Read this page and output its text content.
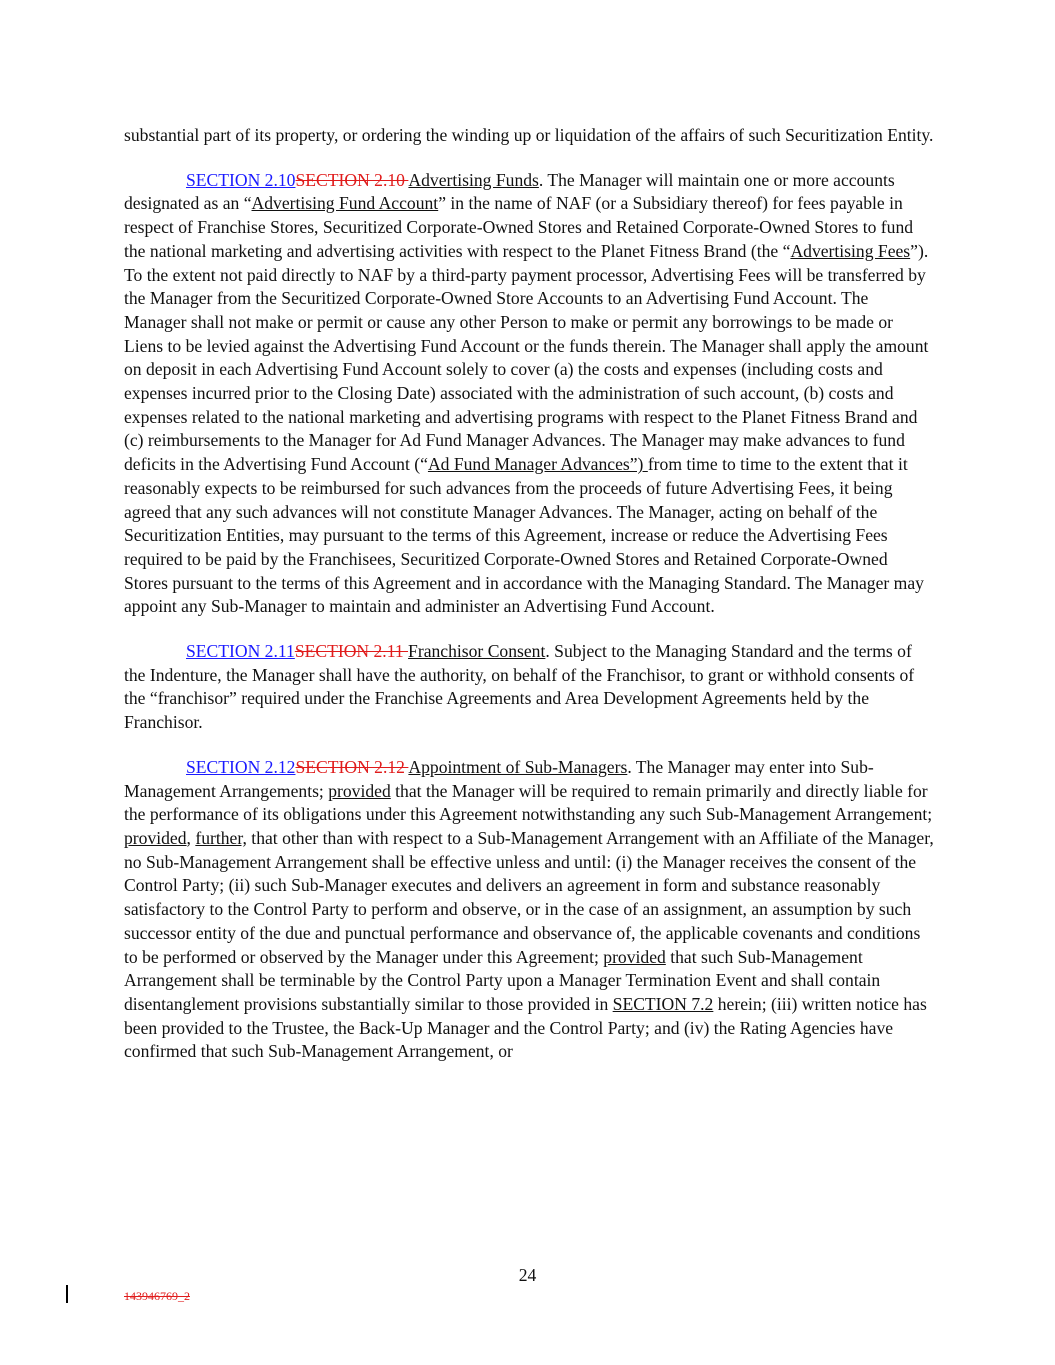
substantial part of its property, or ordering the winding up or liquidation of the affairs of such Securitization Entity.

SECTION 2.10SECTION 2.10 Advertising Funds. The Manager will maintain one or more accounts designated as an “Advertising Fund Account” in the name of NAF (or a Subsidiary thereof) for fees payable in respect of Franchise Stores, Securitized Corporate-Owned Stores and Retained Corporate-Owned Stores to fund the national marketing and advertising activities with respect to the Planet Fitness Brand (the “Advertising Fees”). To the extent not paid directly to NAF by a third-party payment processor, Advertising Fees will be transferred by the Manager from the Securitized Corporate-Owned Store Accounts to an Advertising Fund Account. The Manager shall not make or permit or cause any other Person to make or permit any borrowings to be made or Liens to be levied against the Advertising Fund Account or the funds therein. The Manager shall apply the amount on deposit in each Advertising Fund Account solely to cover (a) the costs and expenses (including costs and expenses incurred prior to the Closing Date) associated with the administration of such account, (b) costs and expenses related to the national marketing and advertising programs with respect to the Planet Fitness Brand and (c) reimbursements to the Manager for Ad Fund Manager Advances. The Manager may make advances to fund deficits in the Advertising Fund Account (“Ad Fund Manager Advances”) from time to time to the extent that it reasonably expects to be reimbursed for such advances from the proceeds of future Advertising Fees, it being agreed that any such advances will not constitute Manager Advances. The Manager, acting on behalf of the Securitization Entities, may pursuant to the terms of this Agreement, increase or reduce the Advertising Fees required to be paid by the Franchisees, Securitized Corporate-Owned Stores and Retained Corporate-Owned Stores pursuant to the terms of this Agreement and in accordance with the Managing Standard. The Manager may appoint any Sub-Manager to maintain and administer an Advertising Fund Account.

SECTION 2.11SECTION 2.11 Franchisor Consent. Subject to the Managing Standard and the terms of the Indenture, the Manager shall have the authority, on behalf of the Franchisor, to grant or withhold consents of the “franchisor” required under the Franchise Agreements and Area Development Agreements held by the Franchisor.

SECTION 2.12SECTION 2.12 Appointment of Sub-Managers. The Manager may enter into Sub-Management Arrangements; provided that the Manager will be required to remain primarily and directly liable for the performance of its obligations under this Agreement notwithstanding any such Sub-Management Arrangement; provided, further, that other than with respect to a Sub-Management Arrangement with an Affiliate of the Manager, no Sub-Management Arrangement shall be effective unless and until: (i) the Manager receives the consent of the Control Party; (ii) such Sub-Manager executes and delivers an agreement in form and substance reasonably satisfactory to the Control Party to perform and observe, or in the case of an assignment, an assumption by such successor entity of the due and punctual performance and observance of, the applicable covenants and conditions to be performed or observed by the Manager under this Agreement; provided that such Sub-Management Arrangement shall be terminable by the Control Party upon a Manager Termination Event and shall contain disentanglement provisions substantially similar to those provided in SECTION 7.2 herein; (iii) written notice has been provided to the Trustee, the Back-Up Manager and the Control Party; and (iv) the Rating Agencies have confirmed that such Sub-Management Arrangement, or

24
143946769_2
